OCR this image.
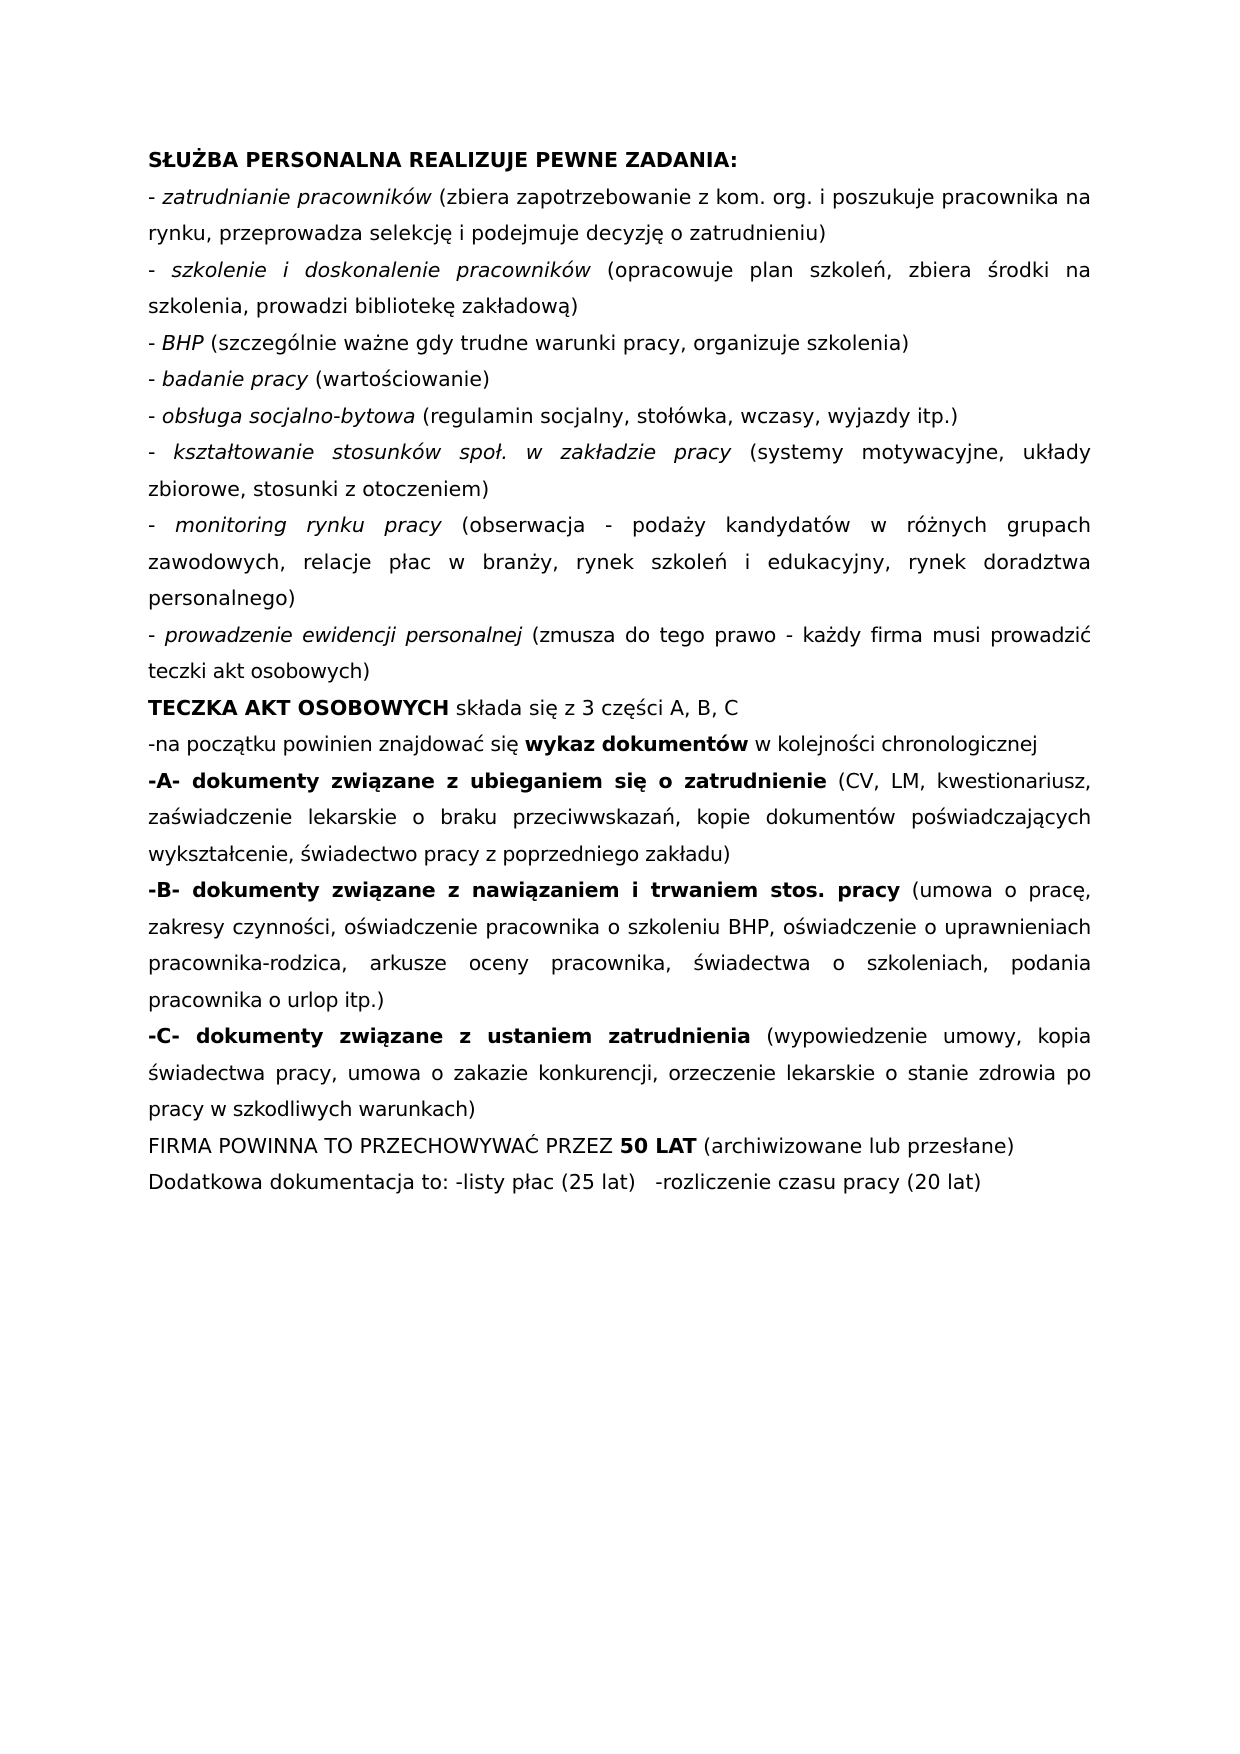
SŁUŻBA PERSONALNA REALIZUJE PEWNE ZADANIA:

- zatrudnianie pracowników (zbiera zapotrzebowanie z kom. org. i poszukuje pracownika na rynku, przeprowadza selekcję i podejmuje decyzję o zatrudnieniu)

- szkolenie i doskonalenie pracowników (opracowuje plan szkoleń, zbiera środki na szkolenia, prowadzi bibliotekę zakładową)

- BHP (szczególnie ważne gdy trudne warunki pracy, organizuje szkolenia)

- badanie pracy (wartościowanie)

- obsługa socjalno-bytowa (regulamin socjalny, stołówka, wczasy, wyjazdy itp.)

- kształtowanie stosunków społ. w zakładzie pracy (systemy motywacyjne, układy zbiorowe, stosunki z otoczeniem)

- monitoring rynku pracy (obserwacja - podaży kandydatów w różnych grupach zawodowych, relacje płac w branży, rynek szkoleń i edukacyjny, rynek doradztwa personalnego)

- prowadzenie ewidencji personalnej (zmusza do tego prawo - każdy firma musi prowadzić teczki akt osobowych)

TECZKA AKT OSOBOWYCH składa się z 3 części A, B, C

-na początku powinien znajdować się wykaz dokumentów w kolejności chronologicznej

-A- dokumenty związane z ubieganiem się o zatrudnienie (CV, LM, kwestionariusz, zaświadczenie lekarskie o braku przeciwwskazań, kopie dokumentów poświadczających wykształcenie, świadectwo pracy z poprzedniego zakładu)

-B- dokumenty związane z nawiązaniem i trwaniem stos. pracy (umowa o pracę, zakresy czynności, oświadczenie pracownika o szkoleniu BHP, oświadczenie o uprawnieniach pracownika-rodzica, arkusze oceny pracownika, świadectwa o szkoleniach, podania pracownika o urlop itp.)

-C- dokumenty związane z ustaniem zatrudnienia (wypowiedzenie umowy, kopia świadectwa pracy, umowa o zakazie konkurencji, orzeczenie lekarskie o stanie zdrowia po pracy w szkodliwych warunkach)

FIRMA POWINNA TO PRZECHOWYWAĆ PRZEZ 50 LAT (archiwizowane lub przesłane)

Dodatkowa dokumentacja to: -listy płac (25 lat)   -rozliczenie czasu pracy (20 lat)
